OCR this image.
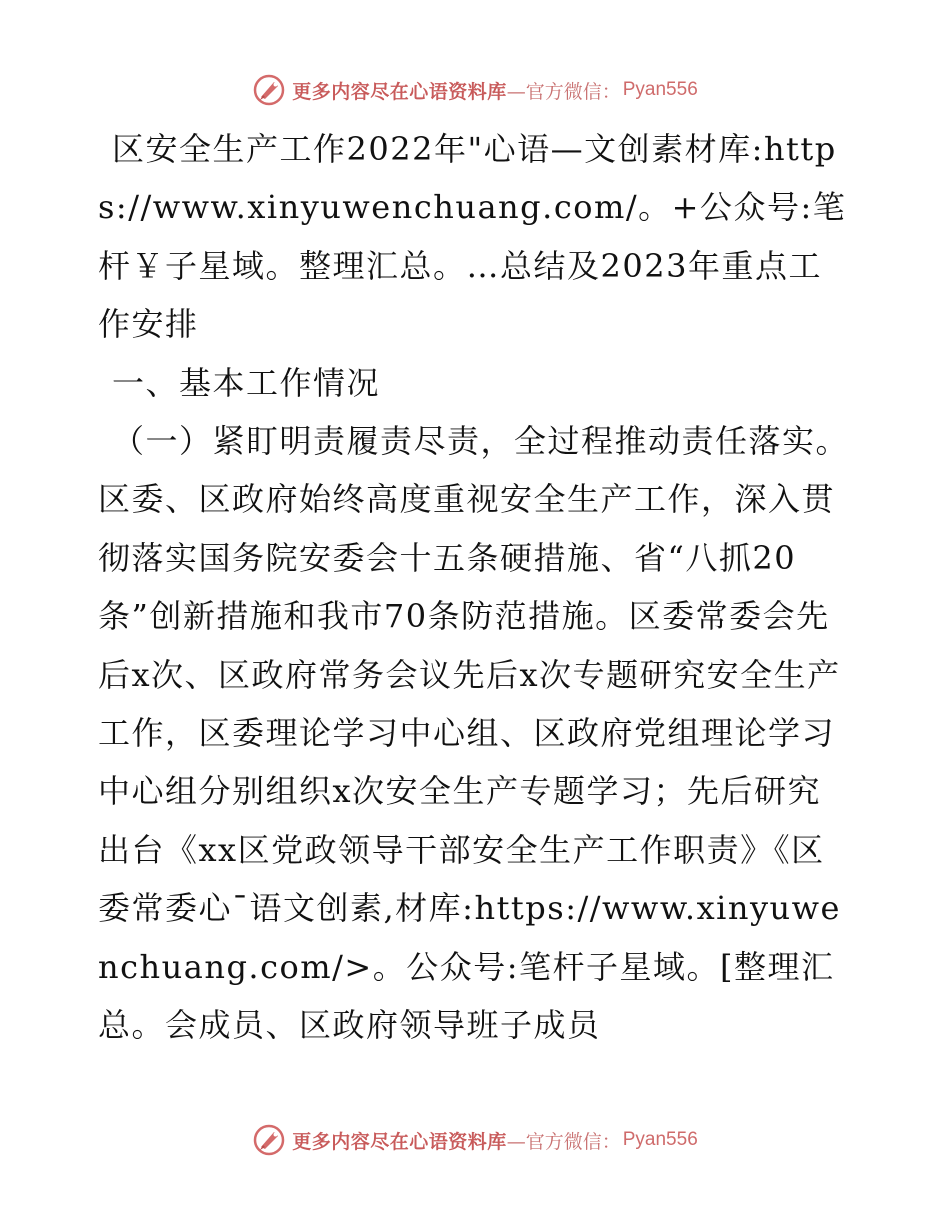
更多内容尽在心语资料库 —官方微信： Pyan556

区安全生产工作2022年"心语—文创素材库:https://www.xinyuwenchuang.com/。+公众号:笔杆￥子星域。整理汇总。…总结及2023年重点工作安排

一、基本工作情况

（一）紧盯明责履责尽责，全过程推动责任落实。区委、区政府始终高度重视安全生产工作，深入贯彻落实国务院安委会十五条硬措施、省“八抓20条”创新措施和我市70条防范措施。区委常委会先后x次、区政府常务会议先后x次专题研究安全生产工作，区委理论学习中心组、区政府党组理论学习中心组分别组织x次安全生产专题学习；先后研究出台《xx区党政领导干部安全生产工作职责》《区委常委心¯语文创素,材库:https://www.xinyuwenchuang.com/>。公众号:笔杆子星域。[整理汇总。会成员、区政府领导班子成员

更多内容尽在心语资料库 —官方微信： Pyan556
